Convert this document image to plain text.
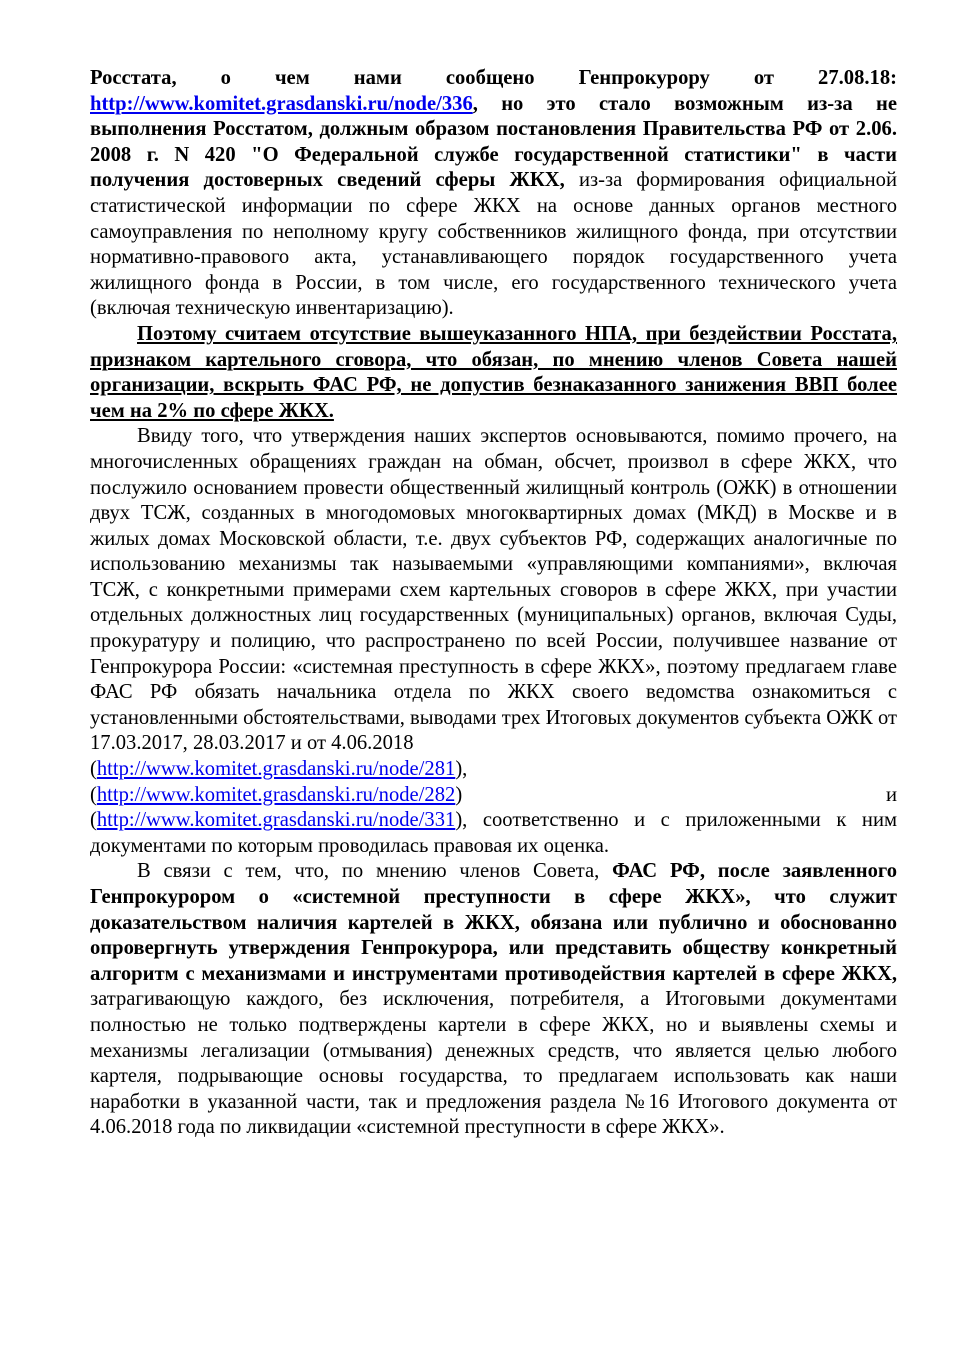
Росстата, о чем нами сообщено Генпрокурору от 27.08.18: http://www.komitet.grasdanski.ru/node/336, но это стало возможным из-за не выполнения Росстатом, должным образом постановления Правительства РФ от 2.06. 2008 г. N 420 "О Федеральной службе государственной статистики" в части получения достоверных сведений сферы ЖКХ, из-за формирования официальной статистической информации по сфере ЖКХ на основе данных органов местного самоуправления по неполному кругу собственников жилищного фонда, при отсутствии нормативно-правового акта, устанавливающего порядок государственного учета жилищного фонда в России, в том числе, его государственного технического учета (включая техническую инвентаризацию).

Поэтому считаем отсутствие вышеуказанного НПА, при бездействии Росстата, признаком картельного сговора, что обязан, по мнению членов Совета нашей организации, вскрыть ФАС РФ, не допустив безнаказанного занижения ВВП более чем на 2% по сфере ЖКХ.

Ввиду того, что утверждения наших экспертов основываются, помимо прочего, на многочисленных обращениях граждан на обман, обсчет, произвол в сфере ЖКХ, что послужило основанием провести общественный жилищный контроль (ОЖК) в отношении двух ТСЖ, созданных в многодомовых многоквартирных домах (МКД) в Москве и в жилых домах Московской области, т.е. двух субъектов РФ, содержащих аналогичные по использованию механизмы так называемыми «управляющими компаниями», включая ТСЖ, с конкретными примерами схем картельных сговоров в сфере ЖКХ, при участии отдельных должностных лиц государственных (муниципальных) органов, включая Суды, прокуратуру и полицию, что распространено по всей России, получившее название от Генпрокурора России: «системная преступность в сфере ЖКХ», поэтому предлагаем главе ФАС РФ обязать начальника отдела по ЖКХ своего ведомства ознакомиться с установленными обстоятельствами, выводами трех Итоговых документов субъекта ОЖК от 17.03.2017, 28.03.2017 и от 4.06.2018
(http://www.komitet.grasdanski.ru/node/281),
(http://www.komitet.grasdanski.ru/node/282)	и
(http://www.komitet.grasdanski.ru/node/331), соответственно и с приложенными к ним документами по которым проводилась правовая их оценка.

В связи с тем, что, по мнению членов Совета, ФАС РФ, после заявленного Генпрокурором о «системной преступности в сфере ЖКХ», что служит доказательством наличия картелей в ЖКХ, обязана или публично и обоснованно опровергнуть утверждения Генпрокурора, или представить обществу конкретный алгоритм с механизмами и инструментами противодействия картелей в сфере ЖКХ, затрагивающую каждого, без исключения, потребителя, а Итоговыми документами полностью не только подтверждены картели в сфере ЖКХ, но и выявлены схемы и механизмы легализации (отмывания) денежных средств, что является целью любого картеля, подрывающие основы государства, то предлагаем использовать как наши наработки в указанной части, так и предложения раздела №16 Итогового документа от 4.06.2018 года по ликвидации «системной преступности в сфере ЖКХ».
